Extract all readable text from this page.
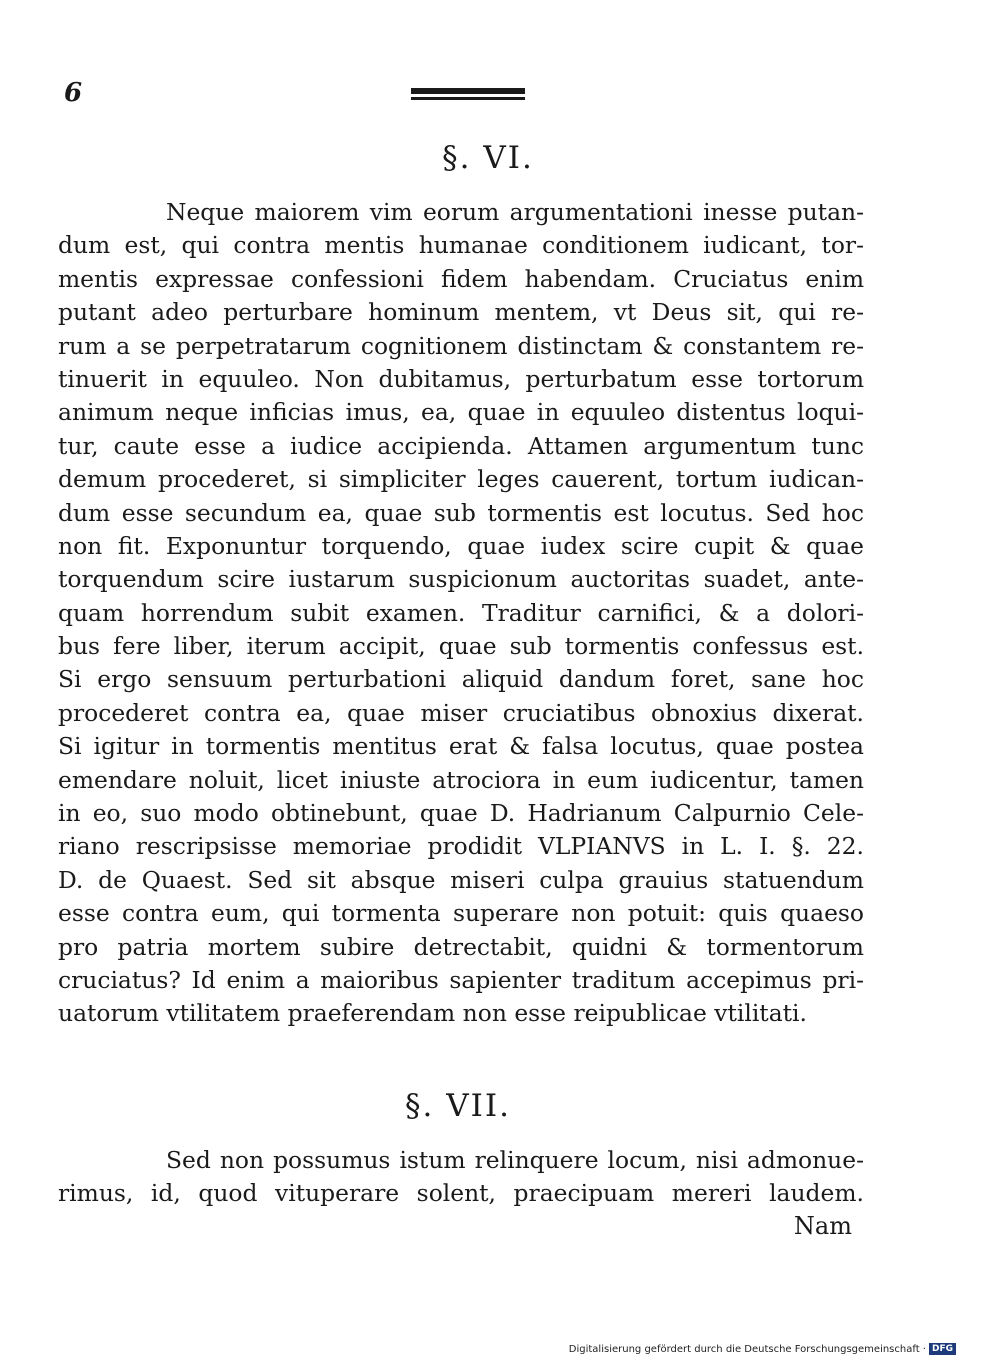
6
§. VI.
Neque maiorem vim eorum argumentationi inesse putan-
dum est, qui contra mentis humanae conditionem iudicant, tor-
mentis expressae confessioni fidem habendam. Cruciatus enim
putant adeo perturbare hominum mentem, vt Deus sit, qui re-
rum a se perpetratarum cognitionem distinctam & constantem re-
tinuerit in equuleo. Non dubitamus, perturbatum esse tortorum
animum neque inficias imus, ea, quae in equuleo distentus loqui-
tur, caute esse a iudice accipienda. Attamen argumentum tunc
demum procederet, si simpliciter leges cauerent, tortum iudican-
dum esse secundum ea, quae sub tormentis est locutus. Sed hoc
non fit. Exponuntur torquendo, quae iudex scire cupit & quae
torquendum scire iustarum suspicionum auctoritas suadet, ante-
quam horrendum subit examen. Traditur carnifici, & a dolori-
bus fere liber, iterum accipit, quae sub tormentis confessus est.
Si ergo sensuum perturbationi aliquid dandum foret, sane hoc
procederet contra ea, quae miser cruciatibus obnoxius dixerat.
Si igitur in tormentis mentitus erat & falsa locutus, quae postea
emendare noluit, licet iniuste atrociora in eum iudicentur, tamen
in eo, suo modo obtinebunt, quae D. Hadrianum Calpurnio Cele-
riano rescripsisse memoriae prodidit VLPIANVS in L. I. §. 22.
D. de Quaest. Sed sit absque miseri culpa grauius statuendum
esse contra eum, qui tormenta superare non potuit: quis quaeso
pro patria mortem subire detrectabit, quidni & tormentorum
cruciatus? Id enim a maioribus sapienter traditum accepimus pri-
uatorum vtilitatem praeferendam non esse reipublicae vtilitati.
§. VII.
Sed non possumus istum relinquere locum, nisi admonue-
rimus, id, quod vituperare solent, praecipuam mereri laudem.
Nam
Digitalisierung gefördert durch die Deutsche Forschungsgemeinschaft · DFG
